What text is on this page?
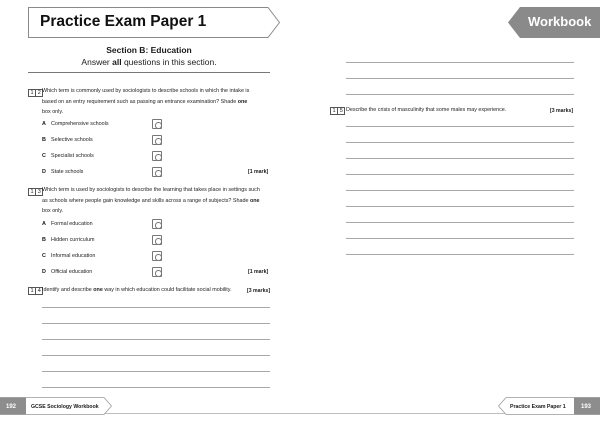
Practice Exam Paper 1
Section B: Education
Answer all questions in this section.
1 2 Which term is commonly used by sociologists to describe schools in which the intake is
based on an entry requirement such as passing an entrance examination? Shade one
box only.
A Comprehensive schools
B Selective schools
C Specialist schools
D State schools	[1 mark]
1 3 Which term is used by sociologists to describe the learning that takes place in settings such
as schools where people gain knowledge and skills across a range of subjects? Shade one
box only.
A Formal education
B Hidden curriculum
C Informal education
D Official education	[1 mark]
1 4 Identify and describe one way in which education could facilitate social mobility.	[3 marks]
192	GCSE Sociology Workbook
Workbook
1 5 Describe the crisis of masculinity that some males may experience.	[3 marks]
Practice Exam Paper 1	193
